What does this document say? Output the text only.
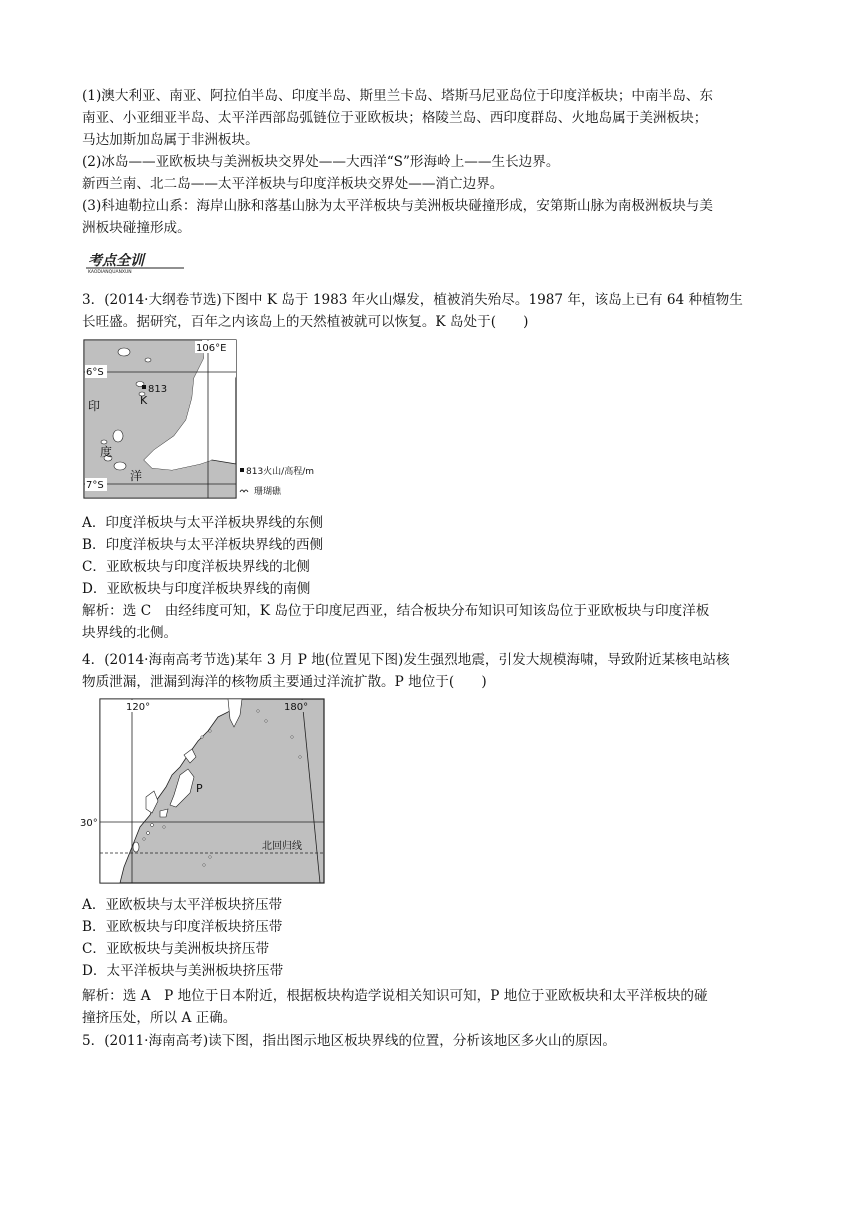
(1)澳大利亚、南亚、阿拉伯半岛、印度半岛、斯里兰卡岛、塔斯马尼亚岛位于印度洋板块；中南半岛、东
南亚、小亚细亚半岛、太平洋西部岛弧链位于亚欧板块；格陵兰岛、西印度群岛、火地岛属于美洲板块；
马达加斯加岛属于非洲板块。
(2)冰岛——亚欧板块与美洲板块交界处——大西洋“S”形海岭上——生长边界。
新西兰南、北二岛——太平洋板块与印度洋板块交界处——消亡边界。
(3)科迪勒拉山系：海岸山脉和落基山脉为太平洋板块与美洲板块碰撞形成，安第斯山脉为南极洲板块与美
洲板块碰撞形成。
考点全训
KAODIANQUANXUN
3．(2014·大纲卷节选)下图中 K 岛于 1983 年火山爆发，植被消失殆尽。1987 年，该岛上已有 64 种植物生
长旺盛。据研究，百年之内该岛上的天然植被就可以恢复。K 岛处于(　　)
106°E
6°S
7°S
813
K
印
度
洋	813火山/高程/m
珊瑚礁
A．印度洋板块与太平洋板块界线的东侧
B．印度洋板块与太平洋板块界线的西侧
C．亚欧板块与印度洋板块界线的北侧
D．亚欧板块与印度洋板块界线的南侧
解析：选 C　由经纬度可知，K 岛位于印度尼西亚，结合板块分布知识可知该岛位于亚欧板块与印度洋板
块界线的北侧。
4．(2014·海南高考节选)某年 3 月 P 地(位置见下图)发生强烈地震，引发大规模海啸，导致附近某核电站核
物质泄漏，泄漏到海洋的核物质主要通过洋流扩散。P 地位于(　　)
120°	180°
30°
P
北回归线
A．亚欧板块与太平洋板块挤压带
B．亚欧板块与印度洋板块挤压带
C．亚欧板块与美洲板块挤压带
D．太平洋板块与美洲板块挤压带
解析：选 A　P 地位于日本附近，根据板块构造学说相关知识可知，P 地位于亚欧板块和太平洋板块的碰
撞挤压处，所以 A 正确。
5．(2011·海南高考)读下图，指出图示地区板块界线的位置，分析该地区多火山的原因。
